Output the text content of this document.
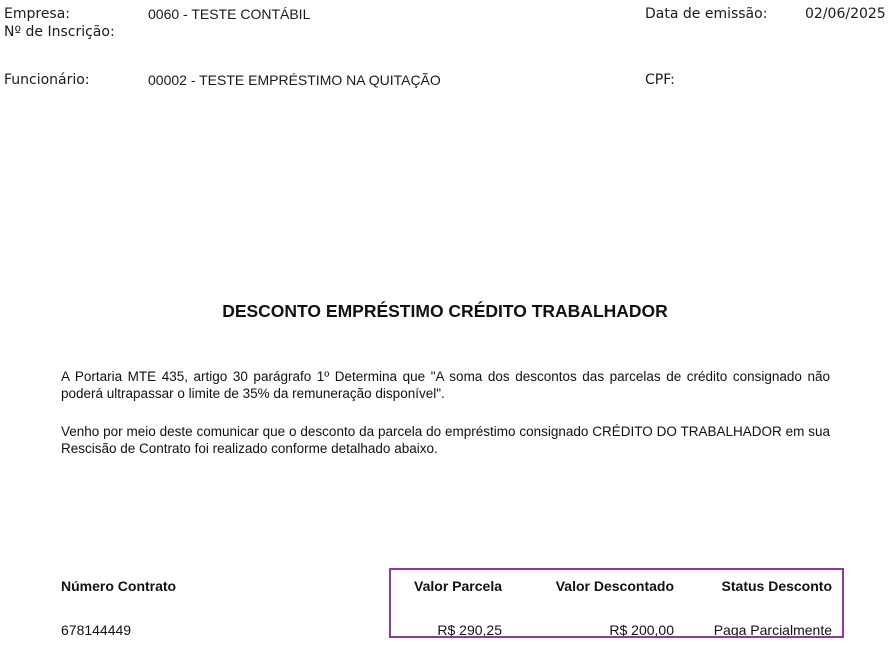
Empresa:	0060 - TESTE CONTÁBIL
Nº de Inscrição:
Data de emissão:	02/06/2025
Funcionário:	00002 - TESTE EMPRÉSTIMO NA QUITAÇÃO	CPF:
DESCONTO EMPRÉSTIMO CRÉDITO TRABALHADOR
A Portaria MTE 435, artigo 30 parágrafo 1º Determina que "A soma dos descontos das parcelas de crédito consignado não poderá ultrapassar o limite de 35% da remuneração disponível".
Venho por meio deste comunicar que o desconto da parcela do empréstimo consignado CRÉDITO DO TRABALHADOR em sua Rescisão de Contrato foi realizado conforme detalhado abaixo.
Número Contrato	Valor Parcela	Valor Descontado	Status Desconto
678144449	R$ 290,25	R$ 200,00	Paga Parcialmente
